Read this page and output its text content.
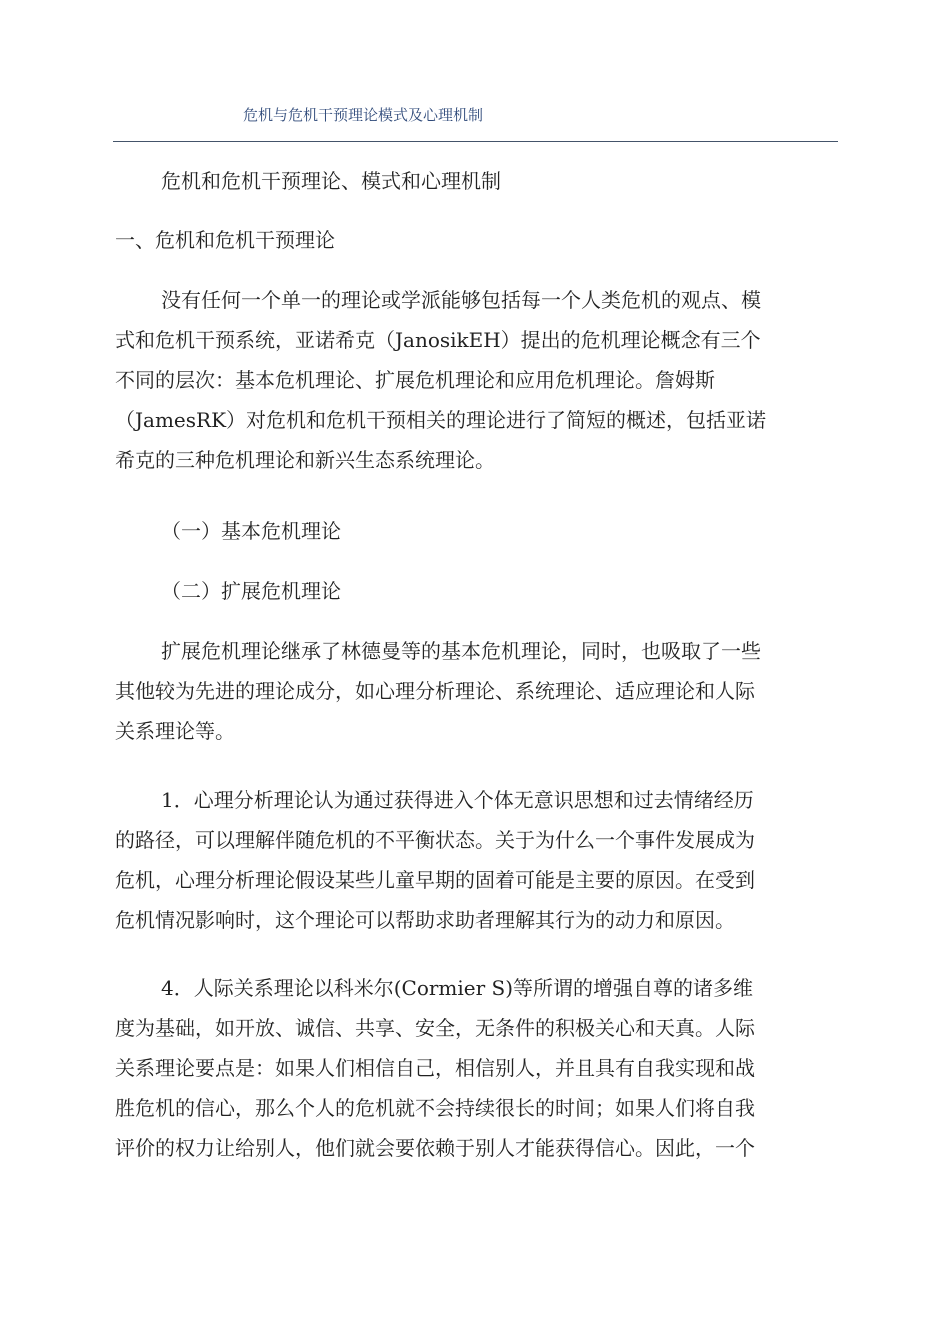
危机与危机干预理论模式及心理机制
危机和危机干预理论、模式和心理机制
一、危机和危机干预理论
没有任何一个单一的理论或学派能够包括每一个人类危机的观点、模
式和危机干预系统，亚诺希克（JanosikEH）提出的危机理论概念有三个
不同的层次：基本危机理论、扩展危机理论和应用危机理论。詹姆斯
（JamesRK）对危机和危机干预相关的理论进行了简短的概述，包括亚诺
希克的三种危机理论和新兴生态系统理论。
（一）基本危机理论
（二）扩展危机理论
扩展危机理论继承了林德曼等的基本危机理论，同时，也吸取了一些
其他较为先进的理论成分，如心理分析理论、系统理论、适应理论和人际
关系理论等。
1．心理分析理论认为通过获得进入个体无意识思想和过去情绪经历
的路径，可以理解伴随危机的不平衡状态。关于为什么一个事件发展成为
危机，心理分析理论假设某些儿童早期的固着可能是主要的原因。在受到
危机情况影响时，这个理论可以帮助求助者理解其行为的动力和原因。
4．人际关系理论以科米尔(Cormier S)等所谓的增强自尊的诸多维
度为基础，如开放、诚信、共享、安全，无条件的积极关心和天真。人际
关系理论要点是：如果人们相信自己，相信别人，并且具有自我实现和战
胜危机的信心，那么个人的危机就不会持续很长的时间；如果人们将自我
评价的权力让给别人，他们就会要依赖于别人才能获得信心。因此，一个
